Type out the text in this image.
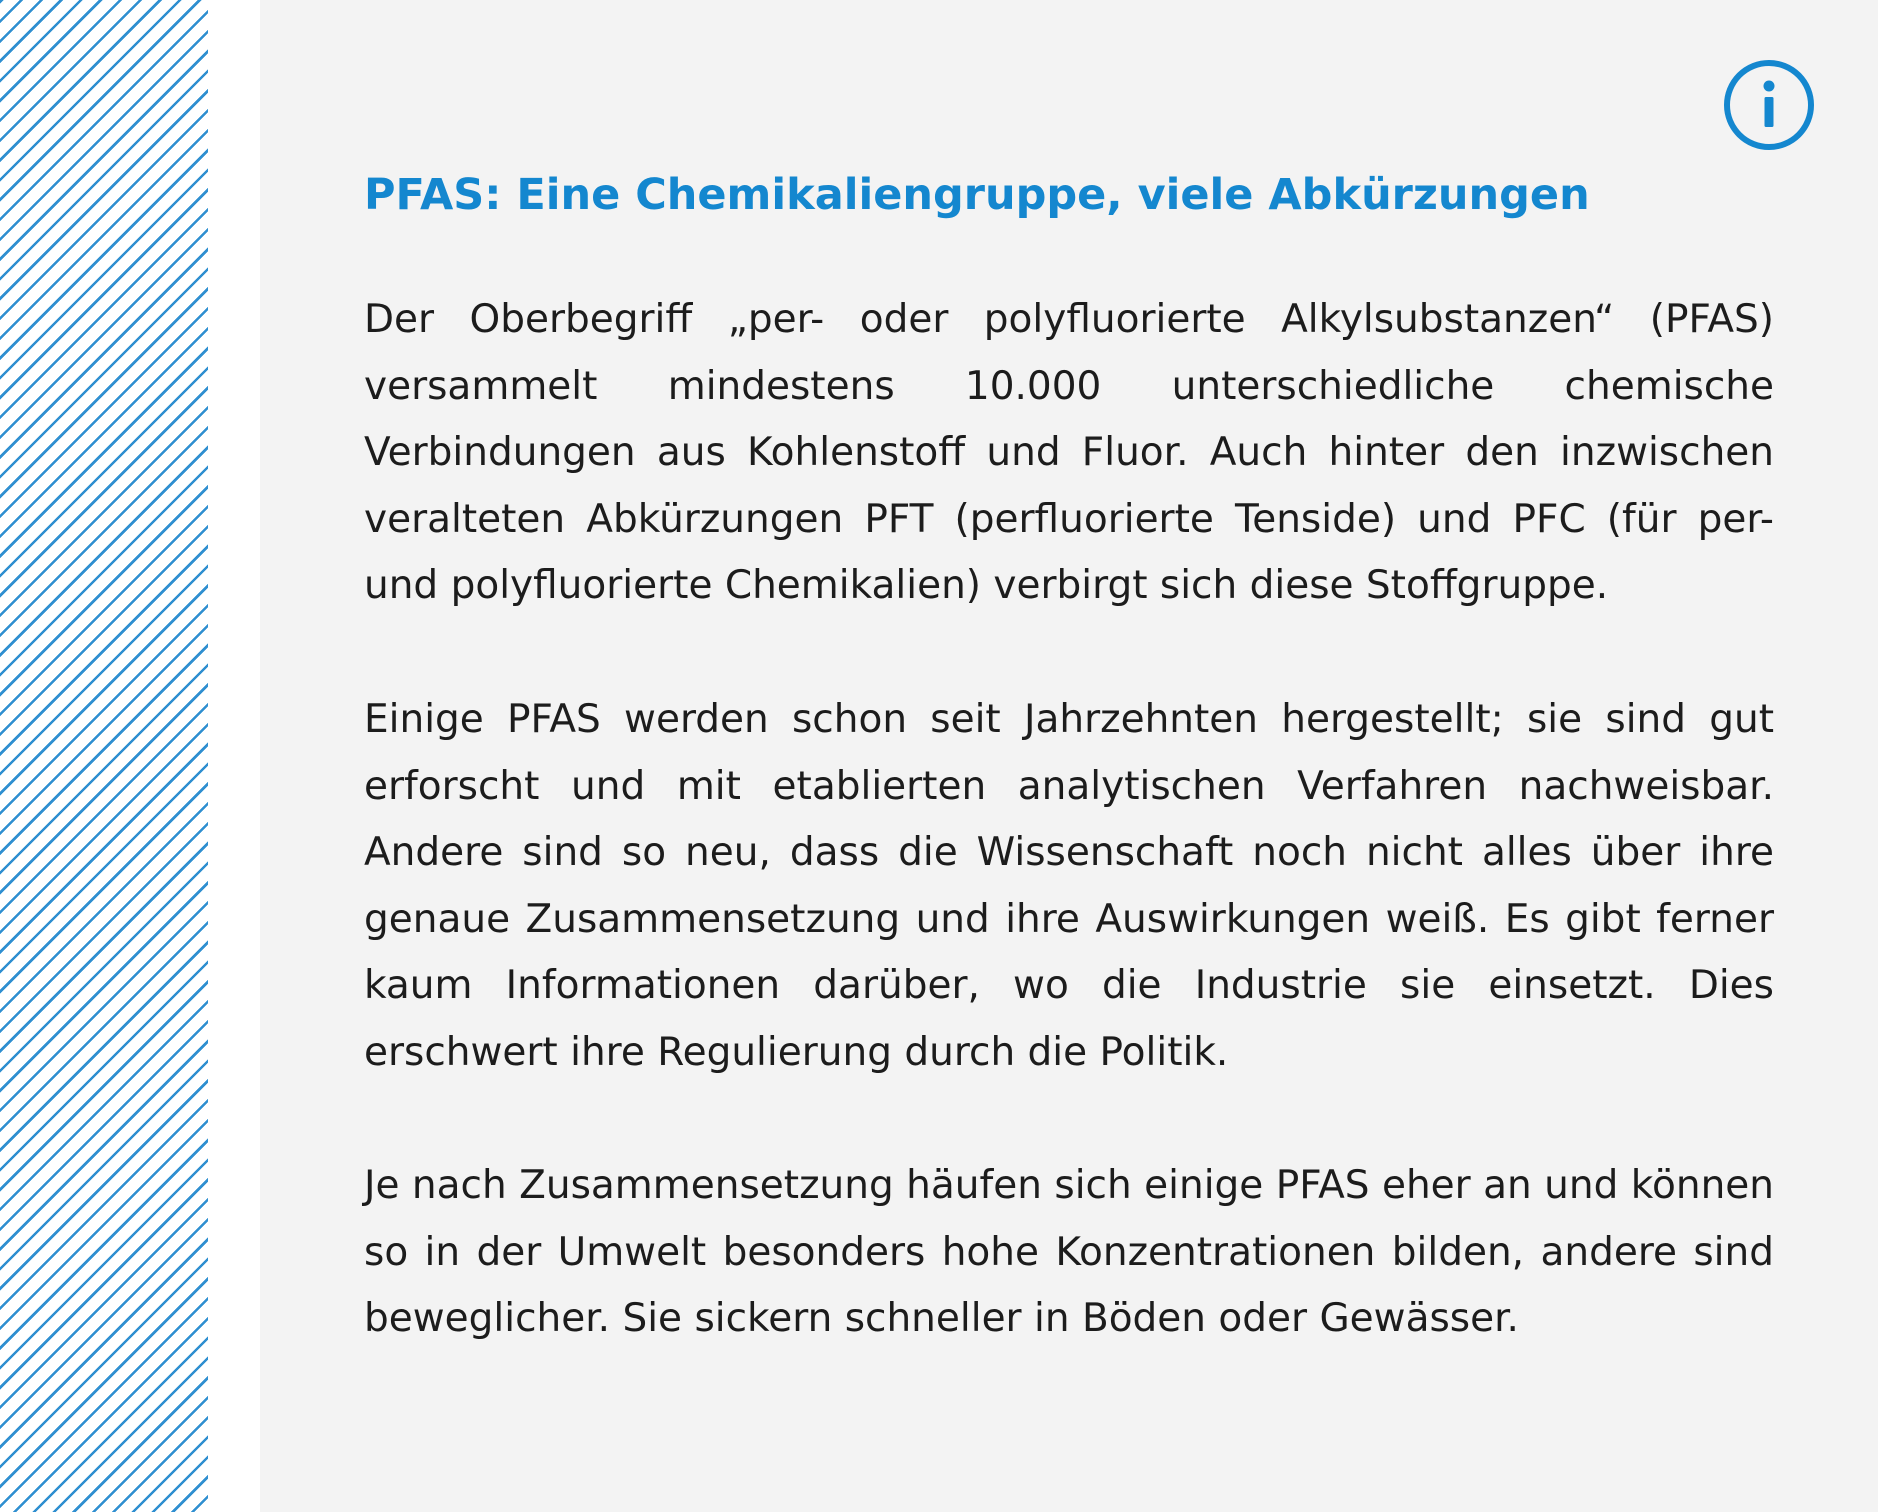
PFAS: Eine Chemikaliengruppe, viele Abkürzungen

Der Oberbegriff „per- oder polyfluorierte Alkylsubstanzen“ (PFAS) versammelt mindestens 10.000 unterschiedliche chemische Verbindungen aus Kohlenstoff und Fluor. Auch hinter den inzwischen veralteten Abkürzungen PFT (perfluorierte Tenside) und PFC (für per- und polyfluorierte Chemikalien) verbirgt sich diese Stoffgruppe.

Einige PFAS werden schon seit Jahrzehnten hergestellt; sie sind gut erforscht und mit etablierten analytischen Verfahren nachweisbar. Andere sind so neu, dass die Wissenschaft noch nicht alles über ihre genaue Zusammensetzung und ihre Auswirkungen weiß. Es gibt ferner kaum Informationen darüber, wo die Industrie sie einsetzt. Dies erschwert ihre Regulierung durch die Politik.

Je nach Zusammensetzung häufen sich einige PFAS eher an und können so in der Umwelt besonders hohe Konzentrationen bilden, andere sind beweglicher. Sie sickern schneller in Böden oder Gewässer.
